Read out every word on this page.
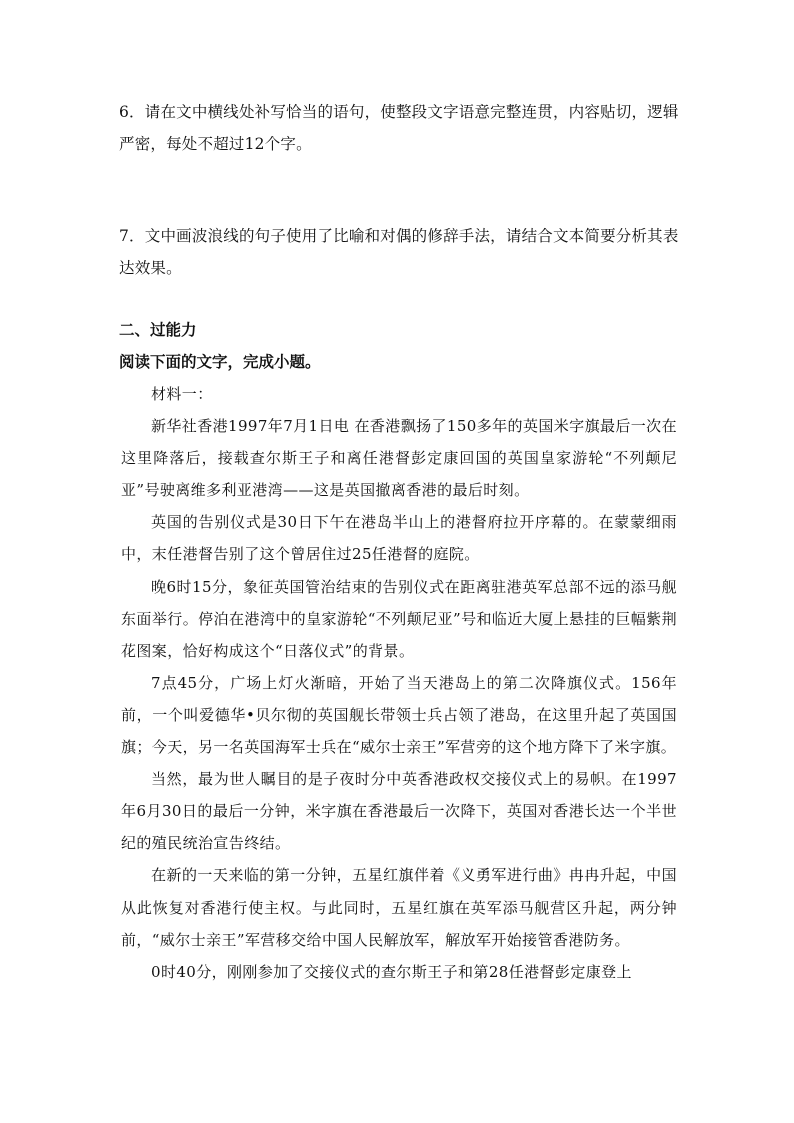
6．请在文中横线处补写恰当的语句，使整段文字语意完整连贯，内容贴切，逻辑严密，每处不超过12个字。

7．文中画波浪线的句子使用了比喻和对偶的修辞手法，请结合文本简要分析其表达效果。

二、过能力

阅读下面的文字，完成小题。

材料一：

新华社香港1997年7月1日电 在香港飘扬了150多年的英国米字旗最后一次在这里降落后，接载查尔斯王子和离任港督彭定康回国的英国皇家游轮“不列颠尼亚”号驶离维多利亚港湾——这是英国撤离香港的最后时刻。

英国的告别仪式是30日下午在港岛半山上的港督府拉开序幕的。在蒙蒙细雨中，末任港督告别了这个曾居住过25任港督的庭院。

晚6时15分，象征英国管治结束的告别仪式在距离驻港英军总部不远的添马舰东面举行。停泊在港湾中的皇家游轮“不列颠尼亚”号和临近大厦上悬挂的巨幅紫荆花图案，恰好构成这个“日落仪式”的背景。

7点45分，广场上灯火渐暗，开始了当天港岛上的第二次降旗仪式。156年前，一个叫爱德华•贝尔彻的英国舰长带领士兵占领了港岛，在这里升起了英国国旗；今天，另一名英国海军士兵在“威尔士亲王”军营旁的这个地方降下了米字旗。

当然，最为世人瞩目的是子夜时分中英香港政权交接仪式上的易帜。在1997年6月30日的最后一分钟，米字旗在香港最后一次降下，英国对香港长达一个半世纪的殖民统治宣告终结。

在新的一天来临的第一分钟，五星红旗伴着《义勇军进行曲》冉冉升起，中国从此恢复对香港行使主权。与此同时，五星红旗在英军添马舰营区升起，两分钟前，“威尔士亲王”军营移交给中国人民解放军，解放军开始接管香港防务。

0时40分，刚刚参加了交接仪式的查尔斯王子和第28任港督彭定康登上
